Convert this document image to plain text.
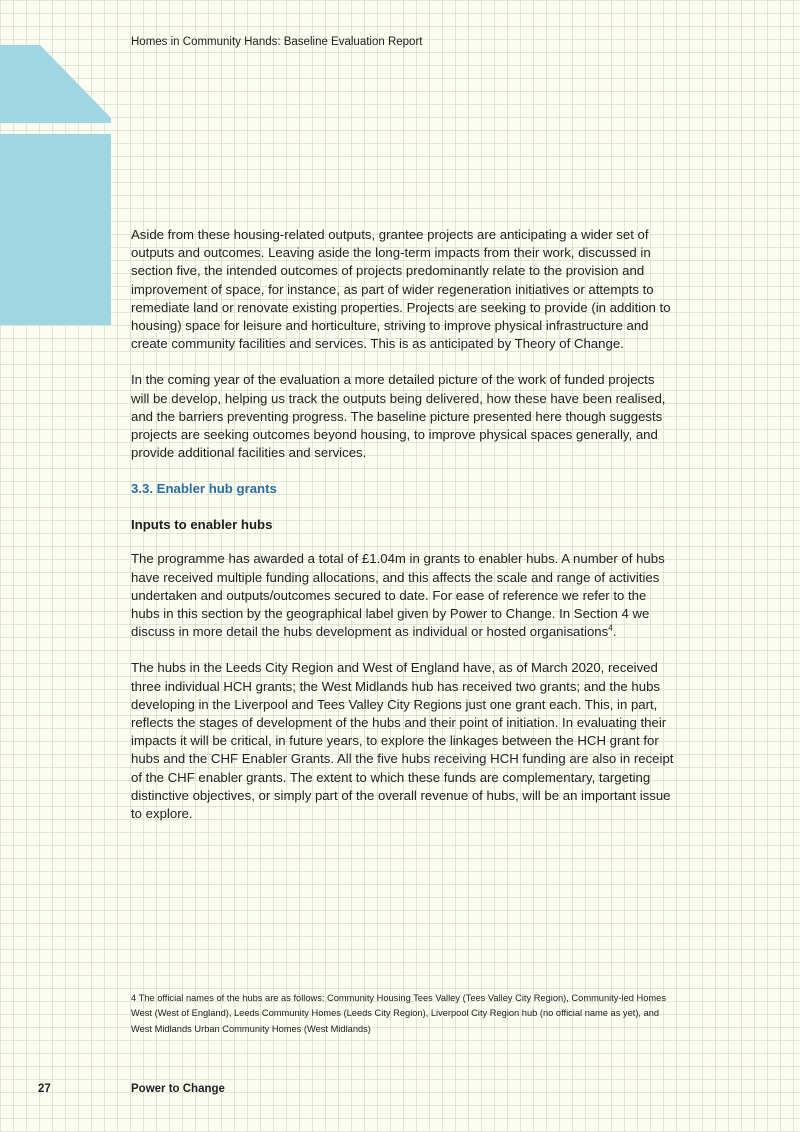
Homes in Community Hands: Baseline Evaluation Report

Aside from these housing-related outputs, grantee projects are anticipating a wider set of outputs and outcomes. Leaving aside the long-term impacts from their work, discussed in section five, the intended outcomes of projects predominantly relate to the provision and improvement of space, for instance, as part of wider regeneration initiatives or attempts to remediate land or renovate existing properties. Projects are seeking to provide (in addition to housing) space for leisure and horticulture, striving to improve physical infrastructure and create community facilities and services. This is as anticipated by Theory of Change.

In the coming year of the evaluation a more detailed picture of the work of funded projects will be develop, helping us track the outputs being delivered, how these have been realised, and the barriers preventing progress. The baseline picture presented here though suggests projects are seeking outcomes beyond housing, to improve physical spaces generally, and provide additional facilities and services.

3.3. Enabler hub grants
Inputs to enabler hubs

The programme has awarded a total of £1.04m in grants to enabler hubs. A number of hubs have received multiple funding allocations, and this affects the scale and range of activities undertaken and outputs/outcomes secured to date. For ease of reference we refer to the hubs in this section by the geographical label given by Power to Change. In Section 4 we discuss in more detail the hubs development as individual or hosted organisations$^4$.

The hubs in the Leeds City Region and West of England have, as of March 2020, received three individual HCH grants; the West Midlands hub has received two grants; and the hubs developing in the Liverpool and Tees Valley City Regions just one grant each. This, in part, reflects the stages of development of the hubs and their point of initiation. In evaluating their impacts it will be critical, in future years, to explore the linkages between the HCH grant for hubs and the CHF Enabler Grants. All the five hubs receiving HCH funding are also in receipt of the CHF enabler grants. The extent to which these funds are complementary, targeting distinctive objectives, or simply part of the overall revenue of hubs, will be an important issue to explore.

4 The official names of the hubs are as follows: Community Housing Tees Valley (Tees Valley City Region), Community-led Homes West (West of England), Leeds Community Homes (Leeds City Region), Liverpool City Region hub (no official name as yet), and West Midlands Urban Community Homes (West Midlands)
27	Power to Change
